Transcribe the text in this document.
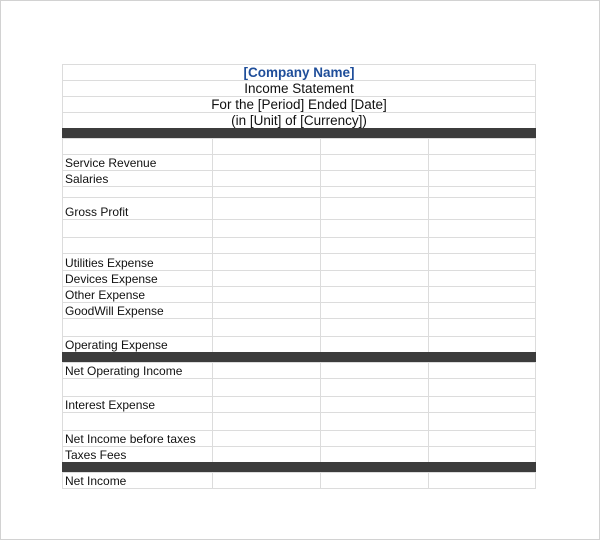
[Company Name]
Income Statement
For the [Period] Ended [Date]
(in [Unit] of [Currency])
Service Revenue
Salaries
Gross Profit
Utilities Expense
Devices Expense
Other Expense
GoodWill Expense
Operating Expense
Net Operating Income
Interest Expense
Net Income before taxes
Taxes Fees
Net Income
